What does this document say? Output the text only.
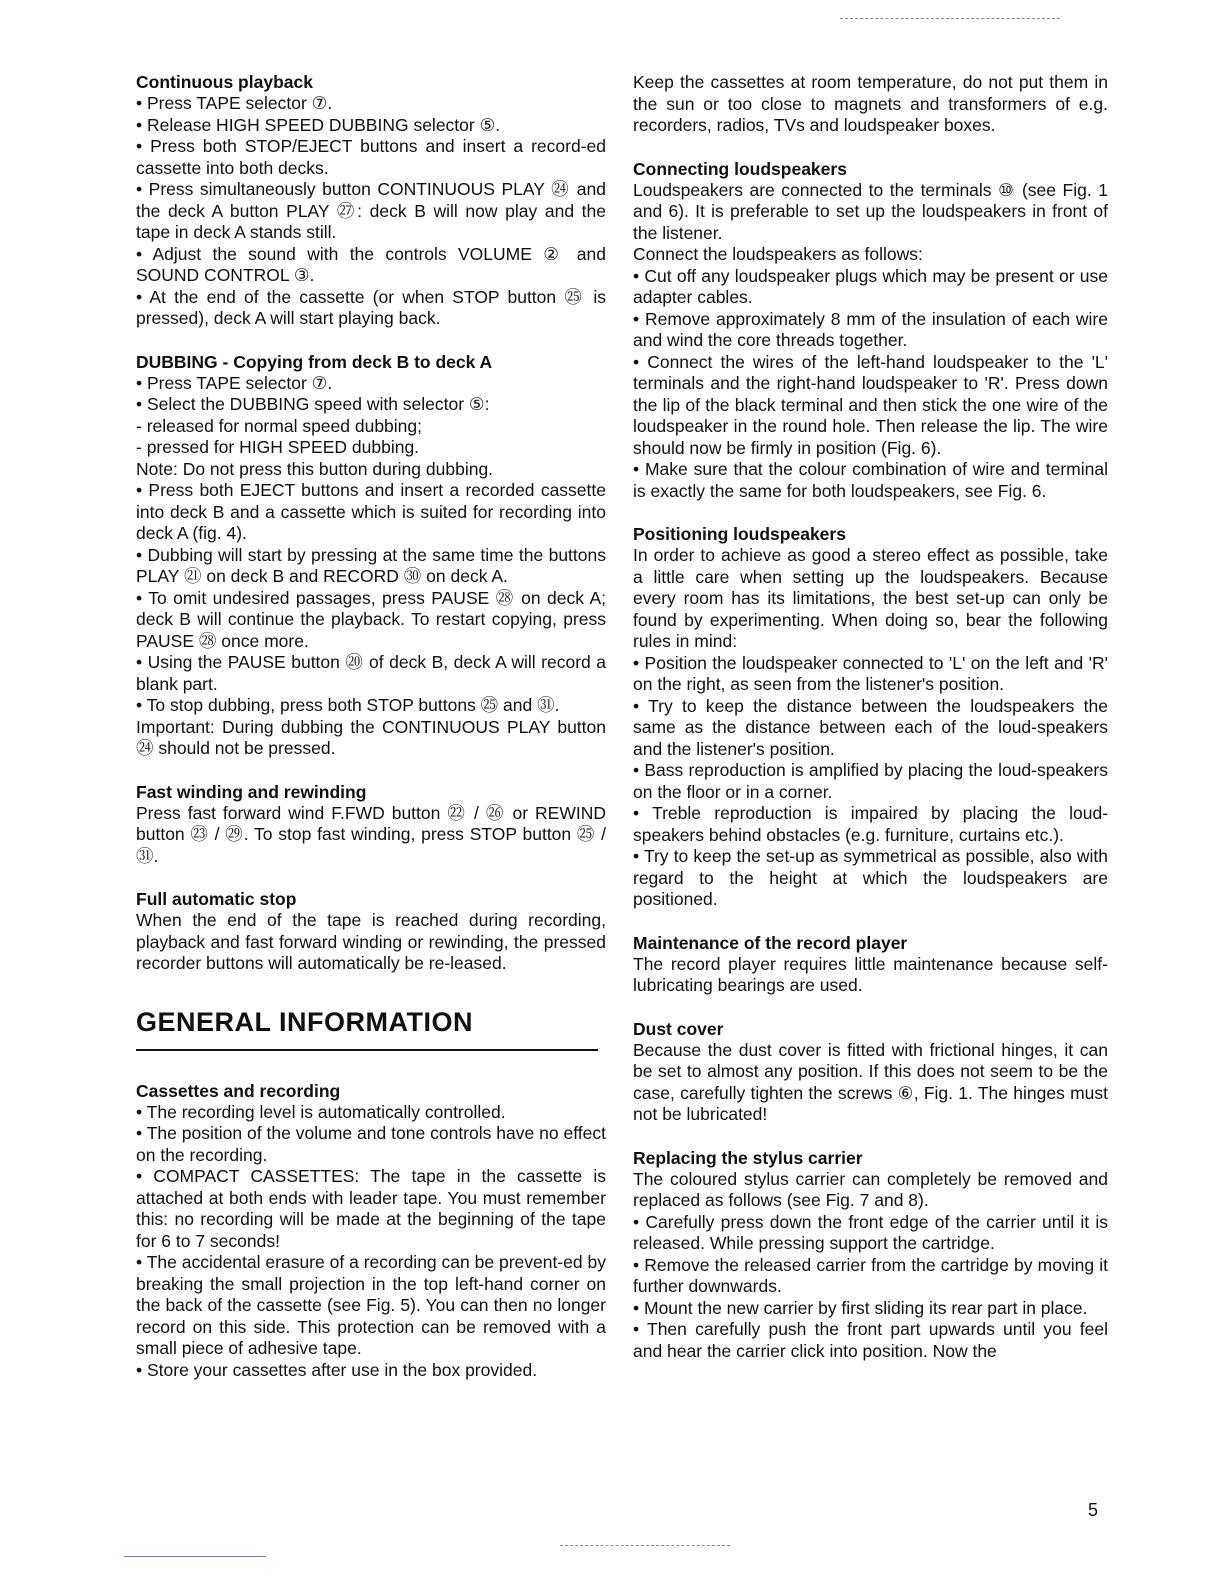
Continuous playback

• Press TAPE selector ⑦.

• Release HIGH SPEED DUBBING selector ⑤.

• Press both STOP/EJECT buttons and insert a record-ed cassette into both decks.

• Press simultaneously button CONTINUOUS PLAY ㉔ and the deck A button PLAY ㉗: deck B will now play and the tape in deck A stands still.

• Adjust the sound with the controls VOLUME ② and SOUND CONTROL ③.

• At the end of the cassette (or when STOP button ㉕ is pressed), deck A will start playing back.

DUBBING - Copying from deck B to deck A

• Press TAPE selector ⑦.

• Select the DUBBING speed with selector ⑤:

- released for normal speed dubbing;

- pressed for HIGH SPEED dubbing.

Note: Do not press this button during dubbing.

• Press both EJECT buttons and insert a recorded cassette into deck B and a cassette which is suited for recording into deck A (fig. 4).

• Dubbing will start by pressing at the same time the buttons PLAY ㉑ on deck B and RECORD ㉚ on deck A.

• To omit undesired passages, press PAUSE ㉘ on deck A; deck B will continue the playback. To restart copying, press PAUSE ㉘ once more.

• Using the PAUSE button ⑳ of deck B, deck A will record a blank part.

• To stop dubbing, press both STOP buttons ㉕ and ㉛.

Important: During dubbing the CONTINUOUS PLAY button ㉔ should not be pressed.

Fast winding and rewinding

Press fast forward wind F.FWD button ㉒ / ㉖ or REWIND button ㉓ / ㉙. To stop fast winding, press STOP button ㉕ / ㉛.

Full automatic stop

When the end of the tape is reached during recording, playback and fast forward winding or rewinding, the pressed recorder buttons will automatically be re-leased.

GENERAL INFORMATION

Cassettes and recording

• The recording level is automatically controlled.

• The position of the volume and tone controls have no effect on the recording.

• COMPACT CASSETTES: The tape in the cassette is attached at both ends with leader tape. You must remember this: no recording will be made at the beginning of the tape for 6 to 7 seconds!

• The accidental erasure of a recording can be prevent-ed by breaking the small projection in the top left-hand corner on the back of the cassette (see Fig. 5). You can then no longer record on this side. This protection can be removed with a small piece of adhesive tape.

• Store your cassettes after use in the box provided.

Keep the cassettes at room temperature, do not put them in the sun or too close to magnets and transformers of e.g. recorders, radios, TVs and loudspeaker boxes.

Connecting loudspeakers

Loudspeakers are connected to the terminals ⑩ (see Fig. 1 and 6). It is preferable to set up the loudspeakers in front of the listener.

Connect the loudspeakers as follows:

• Cut off any loudspeaker plugs which may be present or use adapter cables.

• Remove approximately 8 mm of the insulation of each wire and wind the core threads together.

• Connect the wires of the left-hand loudspeaker to the 'L' terminals and the right-hand loudspeaker to 'R'. Press down the lip of the black terminal and then stick the one wire of the loudspeaker in the round hole. Then release the lip. The wire should now be firmly in position (Fig. 6).

• Make sure that the colour combination of wire and terminal is exactly the same for both loudspeakers, see Fig. 6.

Positioning loudspeakers

In order to achieve as good a stereo effect as possible, take a little care when setting up the loudspeakers. Because every room has its limitations, the best set-up can only be found by experimenting. When doing so, bear the following rules in mind:

• Position the loudspeaker connected to 'L' on the left and 'R' on the right, as seen from the listener's position.

• Try to keep the distance between the loudspeakers the same as the distance between each of the loud-speakers and the listener's position.

• Bass reproduction is amplified by placing the loud-speakers on the floor or in a corner.

• Treble reproduction is impaired by placing the loud-speakers behind obstacles (e.g. furniture, curtains etc.).

• Try to keep the set-up as symmetrical as possible, also with regard to the height at which the loudspeakers are positioned.

Maintenance of the record player

The record player requires little maintenance because self-lubricating bearings are used.

Dust cover

Because the dust cover is fitted with frictional hinges, it can be set to almost any position. If this does not seem to be the case, carefully tighten the screws ⑥, Fig. 1. The hinges must not be lubricated!

Replacing the stylus carrier

The coloured stylus carrier can completely be removed and replaced as follows (see Fig. 7 and 8).

• Carefully press down the front edge of the carrier until it is released. While pressing support the cartridge.

• Remove the released carrier from the cartridge by moving it further downwards.

• Mount the new carrier by first sliding its rear part in place.

• Then carefully push the front part upwards until you feel and hear the carrier click into position. Now the

5
